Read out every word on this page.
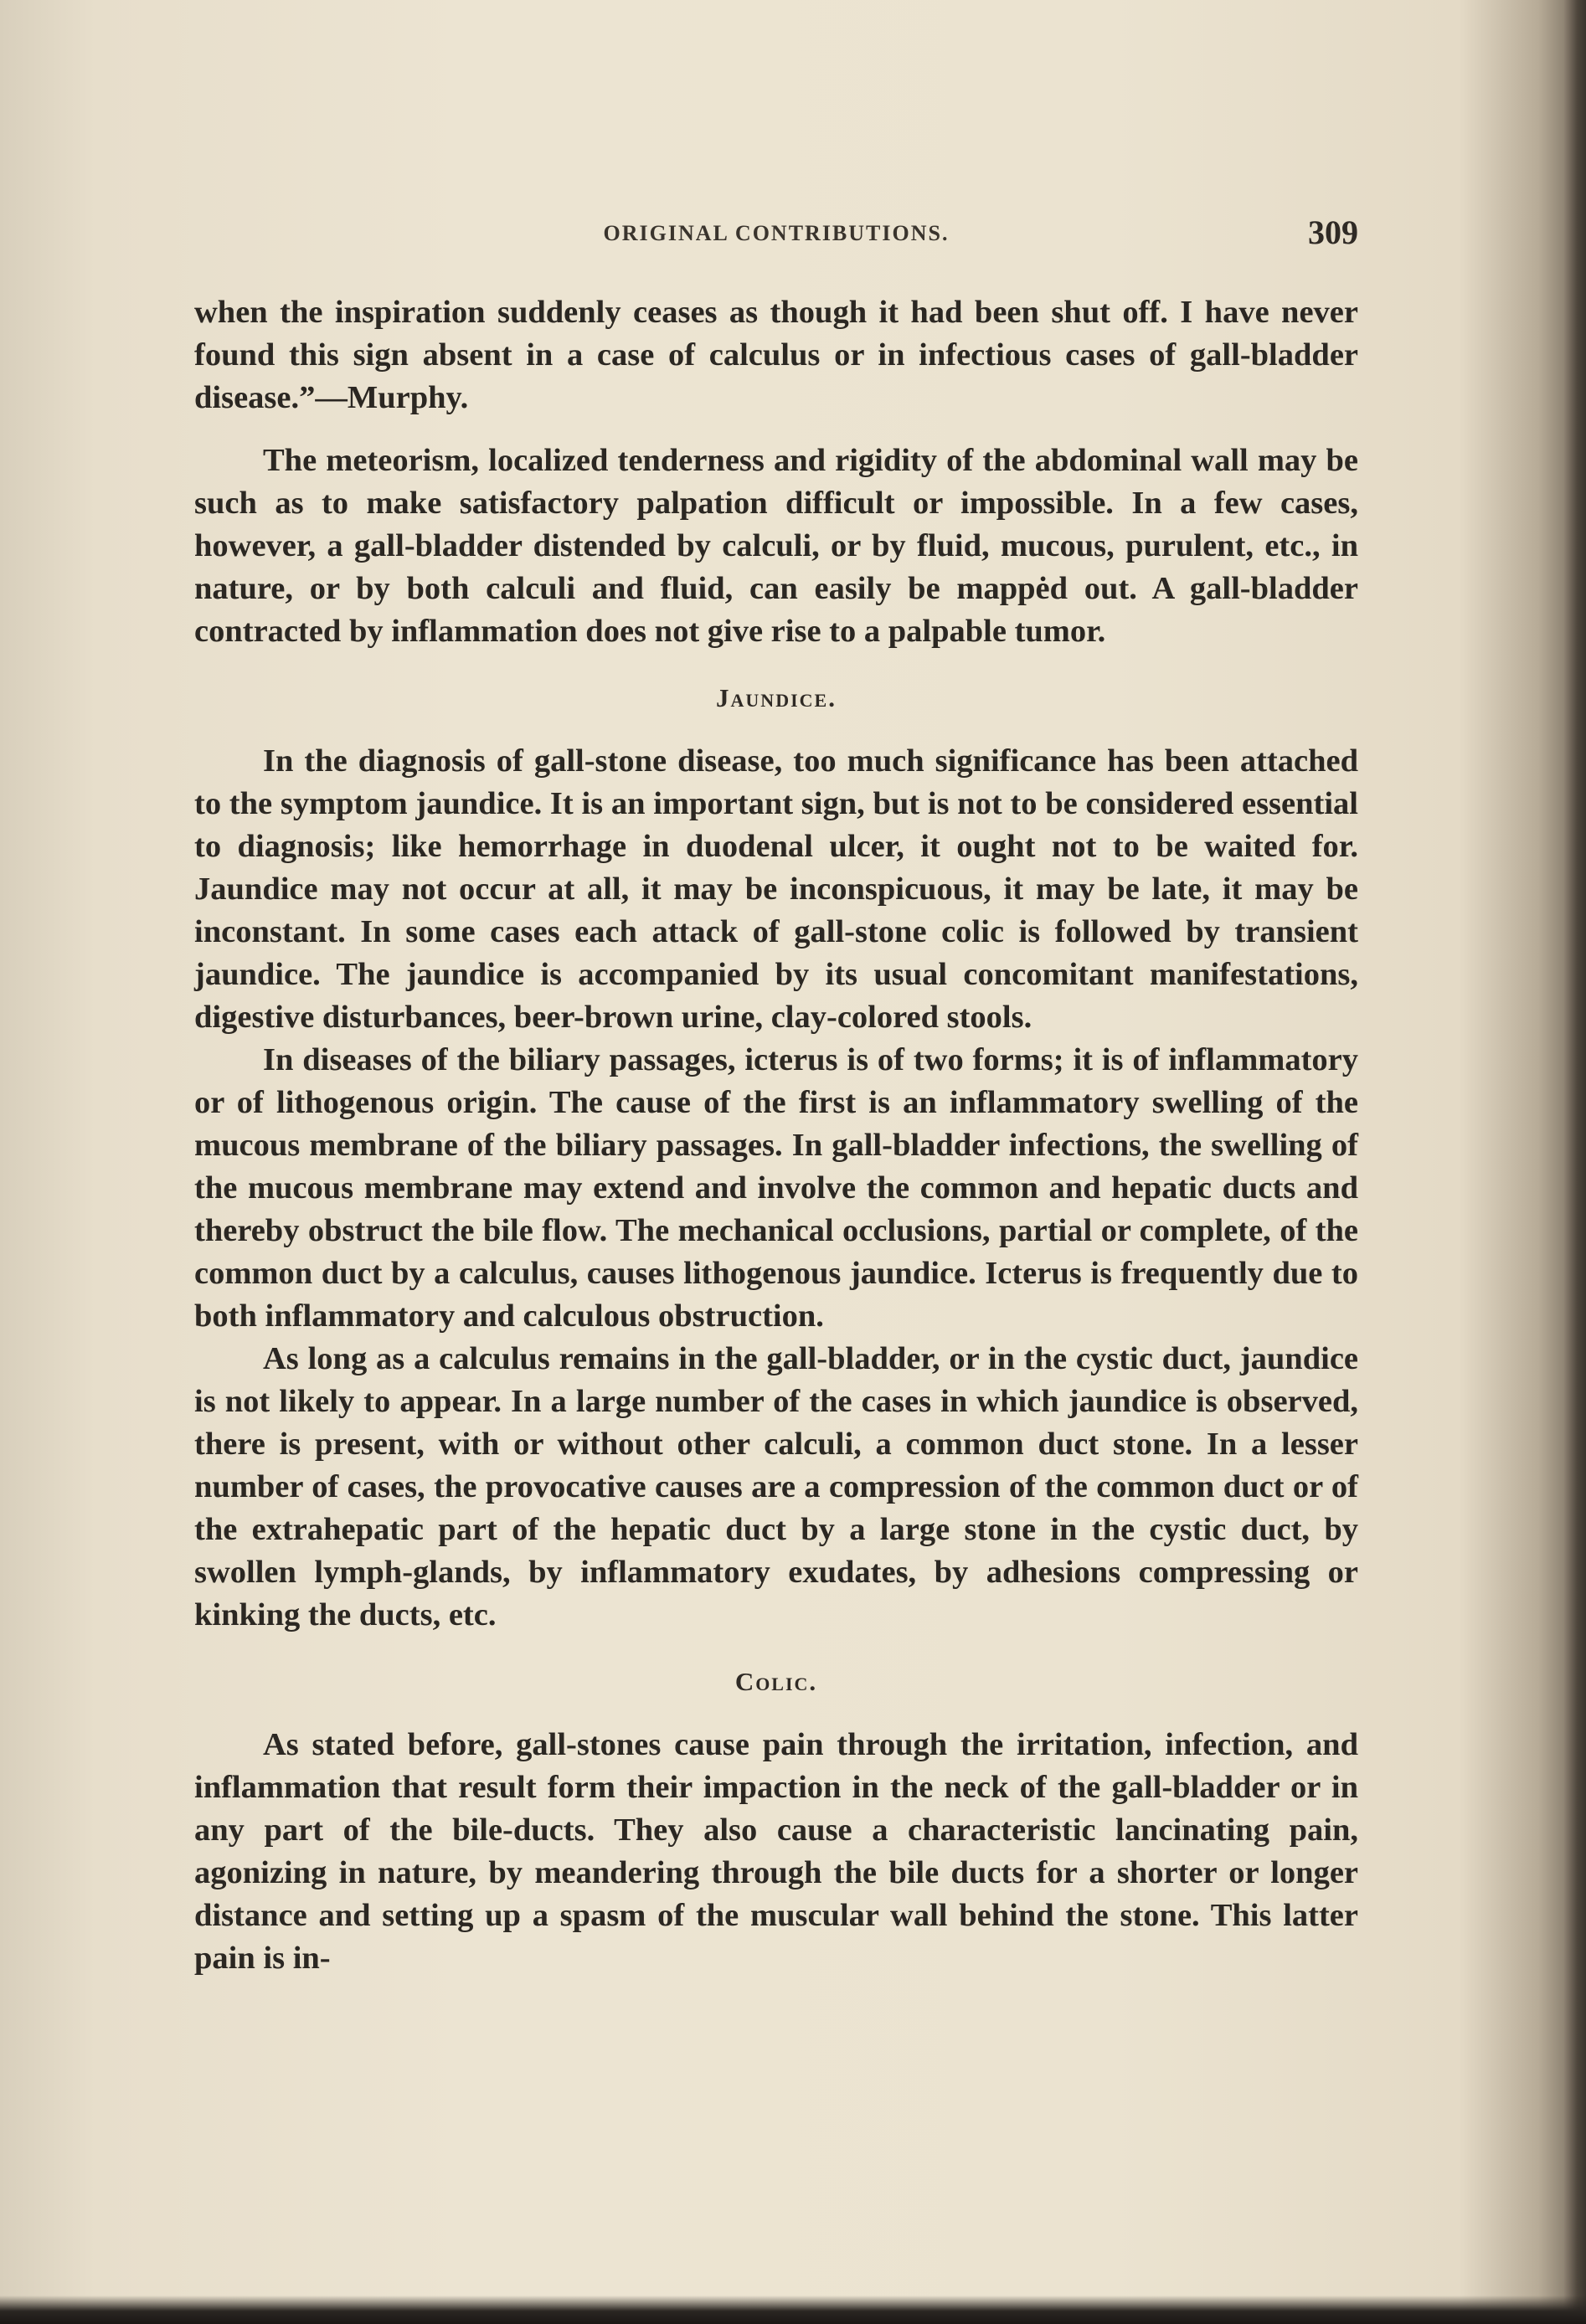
ORIGINAL CONTRIBUTIONS.	309

when the inspiration suddenly ceases as though it had been shut off. I have never found this sign absent in a case of calculus or in infectious cases of gall-bladder disease.”—Murphy.

The meteorism, localized tenderness and rigidity of the abdominal wall may be such as to make satisfactory palpation difficult or impossible. In a few cases, however, a gall-bladder distended by calculi, or by fluid, mucous, purulent, etc., in nature, or by both calculi and fluid, can easily be mappėd out. A gall-bladder contracted by inflammation does not give rise to a palpable tumor.

Jaundice.

In the diagnosis of gall-stone disease, too much significance has been attached to the symptom jaundice. It is an important sign, but is not to be considered essential to diagnosis; like hemorrhage in duodenal ulcer, it ought not to be waited for. Jaundice may not occur at all, it may be inconspicuous, it may be late, it may be inconstant. In some cases each attack of gall-stone colic is followed by transient jaundice. The jaundice is accompanied by its usual concomitant manifestations, digestive disturbances, beer-brown urine, clay-colored stools.

In diseases of the biliary passages, icterus is of two forms; it is of inflammatory or of lithogenous origin. The cause of the first is an inflammatory swelling of the mucous membrane of the biliary passages. In gall-bladder infections, the swelling of the mucous membrane may extend and involve the common and hepatic ducts and thereby obstruct the bile flow. The mechanical occlusions, partial or complete, of the common duct by a calculus, causes lithogenous jaundice. Icterus is frequently due to both inflammatory and calculous obstruction.

As long as a calculus remains in the gall-bladder, or in the cystic duct, jaundice is not likely to appear. In a large number of the cases in which jaundice is observed, there is present, with or without other calculi, a common duct stone. In a lesser number of cases, the provocative causes are a compression of the common duct or of the extrahepatic part of the hepatic duct by a large stone in the cystic duct, by swollen lymph-glands, by inflammatory exudates, by adhesions compressing or kinking the ducts, etc.

Colic.

As stated before, gall-stones cause pain through the irritation, infection, and inflammation that result form their impaction in the neck of the gall-bladder or in any part of the bile-ducts. They also cause a characteristic lancinating pain, agonizing in nature, by meandering through the bile ducts for a shorter or longer distance and setting up a spasm of the muscular wall behind the stone. This latter pain is in-
